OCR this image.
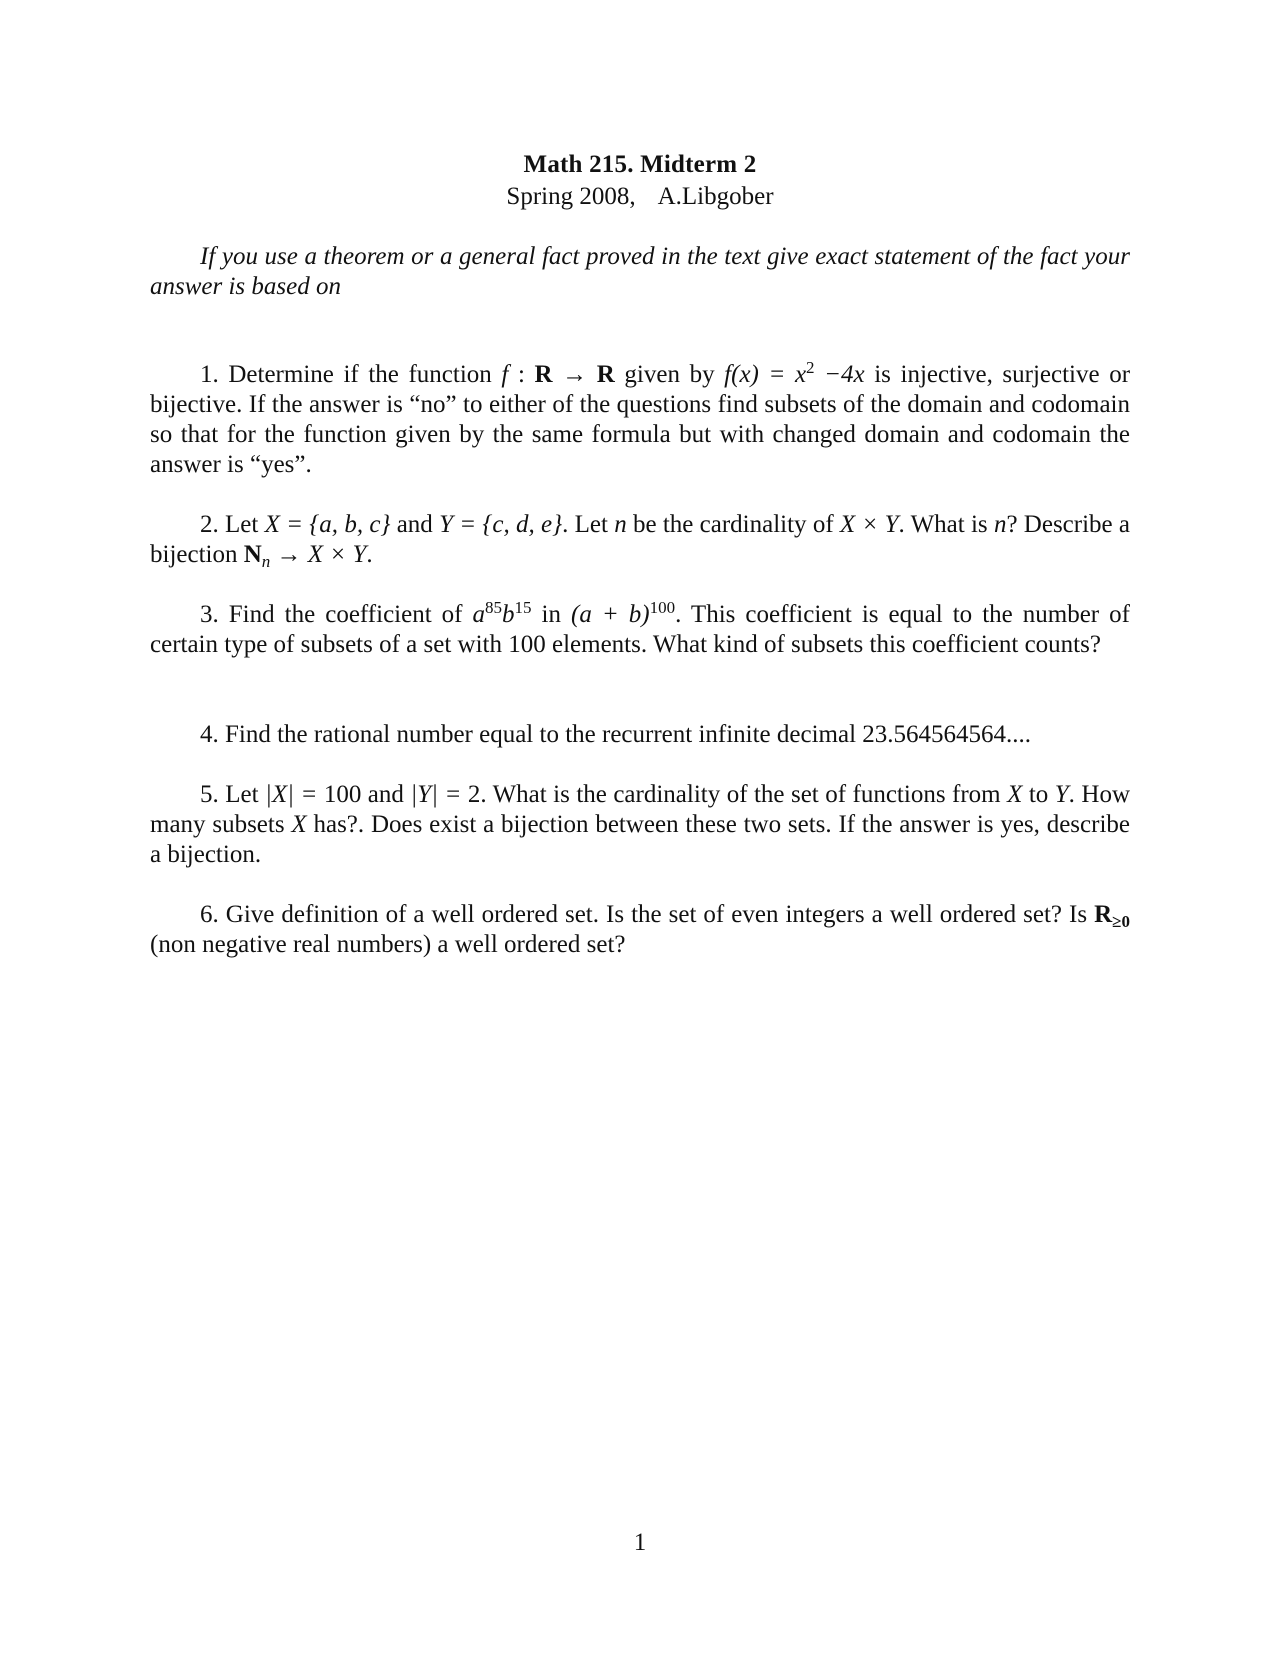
Math 215. Midterm 2
Spring 2008, A.Libgober
If you use a theorem or a general fact proved in the text give exact statement of the fact your answer is based on
1. Determine if the function f : R → R given by $f(x) = x^2 -4x$ is injective, surjective or bijective. If the answer is “no” to either of the questions find subsets of the domain and codomain so that for the function given by the same formula but with changed domain and codomain the answer is “yes”.
2. Let X = {a, b, c} and Y = {c, d, e}. Let n be the cardinality of X × Y. What is n? Describe a bijection $N_n \to X \times Y$.
3. Find the coefficient of $a^{85}b^{15}$ in $(a + b)^{100}$. This coefficient is equal to the number of certain type of subsets of a set with 100 elements. What kind of subsets this coefficient counts?
4. Find the rational number equal to the recurrent infinite decimal 23.564564564....
5. Let |X| = 100 and |Y| = 2. What is the cardinality of the set of functions from X to Y. How many subsets X has?. Does exist a bijection between these two sets. If the answer is yes, describe a bijection.
6. Give definition of a well ordered set. Is the set of even integers a well ordered set? Is $R_{\ge 0}$ (non negative real numbers) a well ordered set?
1
